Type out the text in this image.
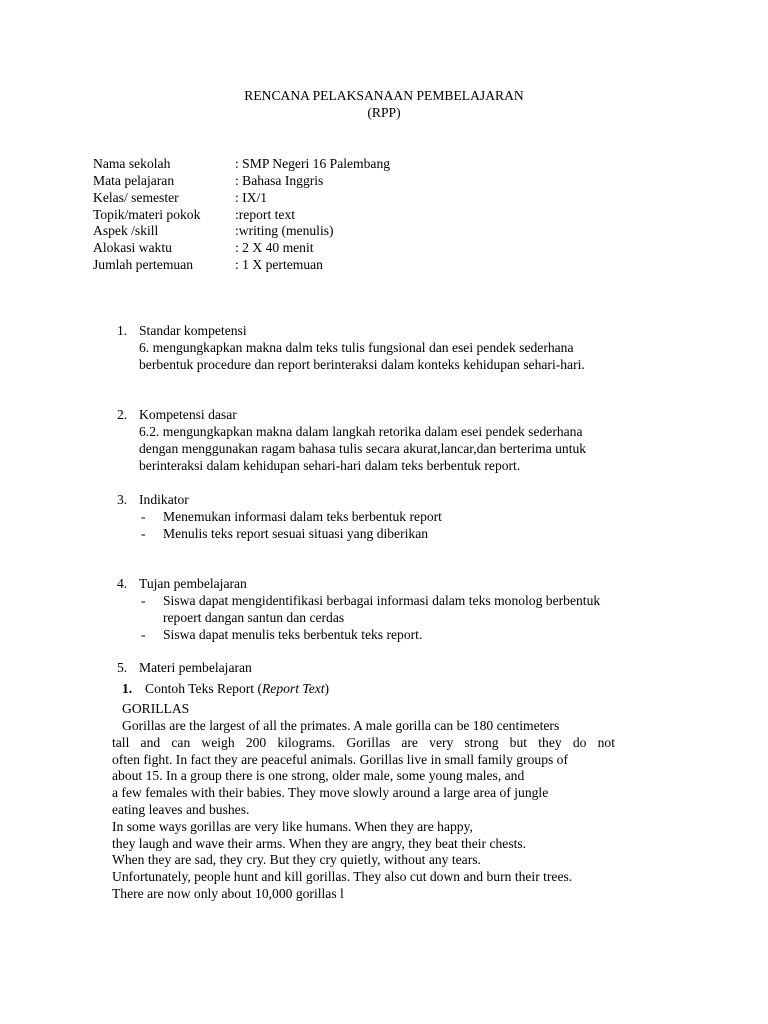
RENCANA PELAKSANAAN PEMBELAJARAN
(RPP)
Nama sekolah	: SMP Negeri 16 Palembang
Mata pelajaran	: Bahasa Inggris
Kelas/ semester	: IX/1
Topik/materi pokok	:report text
Aspek /skill	:writing (menulis)
Alokasi waktu	: 2 X 40 menit
Jumlah pertemuan	: 1 X pertemuan
1. Standar kompetensi
6. mengungkapkan makna dalm teks tulis fungsional dan esei pendek sederhana
berbentuk procedure dan report berinteraksi dalam konteks kehidupan sehari-hari.
2. Kompetensi dasar
6.2. mengungkapkan makna dalam langkah retorika dalam esei pendek sederhana
dengan menggunakan ragam bahasa tulis secara akurat,lancar,dan berterima untuk
berinteraksi dalam kehidupan sehari-hari dalam teks berbentuk report.
3. Indikator
- Menemukan informasi dalam teks berbentuk report
- Menulis teks report sesuai situasi yang diberikan
4. Tujan pembelajaran
- Siswa dapat mengidentifikasi berbagai informasi dalam teks monolog berbentuk
repoert dangan santun dan cerdas
- Siswa dapat menulis teks berbentuk teks report.
5. Materi pembelajaran
1. Contoh Teks Report (Report Text)
GORILLAS
Gorillas are the largest of all the primates. A male gorilla can be 180 centimeters
tall and can weigh 200 kilograms. Gorillas are very strong but they do not
often fight. In fact they are peaceful animals. Gorillas live in small family groups of
about 15. In a group there is one strong, older male, some young males, and
a few females with their babies. They move slowly around a large area of jungle
eating leaves and bushes.
In some ways gorillas are very like humans. When they are happy,
they laugh and wave their arms. When they are angry, they beat their chests.
When they are sad, they cry. But they cry quietly, without any tears.
Unfortunately, people hunt and kill gorillas. They also cut down and burn their trees.
There are now only about 10,000 gorillas l
